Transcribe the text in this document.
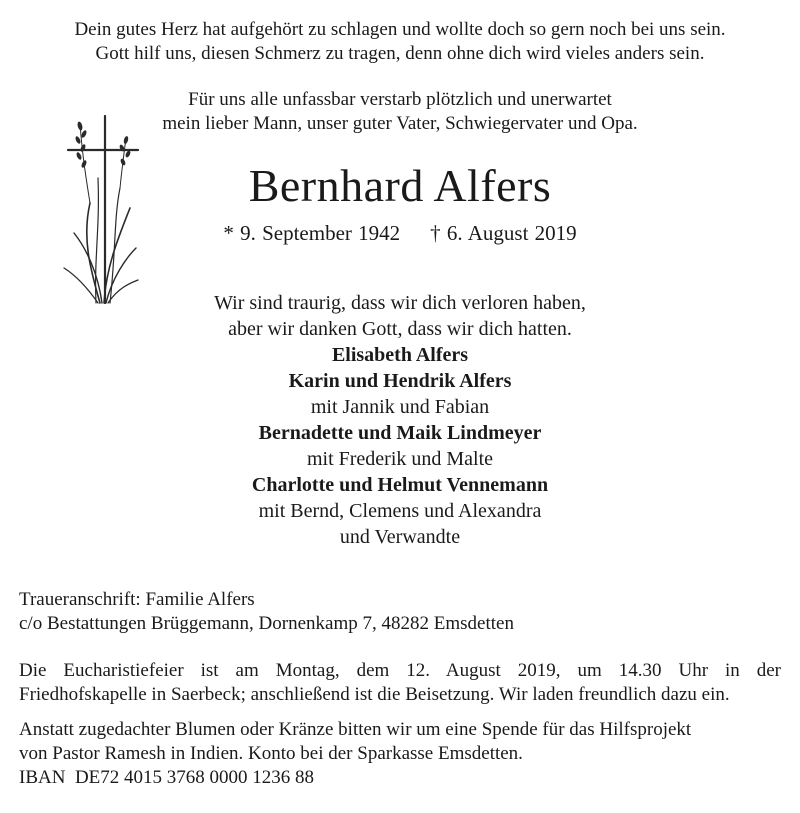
Dein gutes Herz hat aufgehört zu schlagen und wollte doch so gern noch bei uns sein.
Gott hilf uns, diesen Schmerz zu tragen, denn ohne dich wird vieles anders sein.
Für uns alle unfassbar verstarb plötzlich und unerwartet
mein lieber Mann, unser guter Vater, Schwiegervater und Opa.
Bernhard Alfers
* 9. September 1942 † 6. August 2019
Wir sind traurig, dass wir dich verloren haben,
aber wir danken Gott, dass wir dich hatten.
Elisabeth Alfers
Karin und Hendrik Alfers
mit Jannik und Fabian
Bernadette und Maik Lindmeyer
mit Frederik und Malte
Charlotte und Helmut Vennemann
mit Bernd, Clemens und Alexandra
und Verwandte
Traueranschrift: Familie Alfers
c/o Bestattungen Brüggemann, Dornenkamp 7, 48282 Emsdetten
Die Eucharistiefeier ist am Montag, dem 12. August 2019, um 14.30 Uhr in der
Friedhofskapelle in Saerbeck; anschließend ist die Beisetzung. Wir laden freundlich dazu ein.
Anstatt zugedachter Blumen oder Kränze bitten wir um eine Spende für das Hilfsprojekt
von Pastor Ramesh in Indien. Konto bei der Sparkasse Emsdetten.
IBAN  DE72 4015 3768 0000 1236 88
